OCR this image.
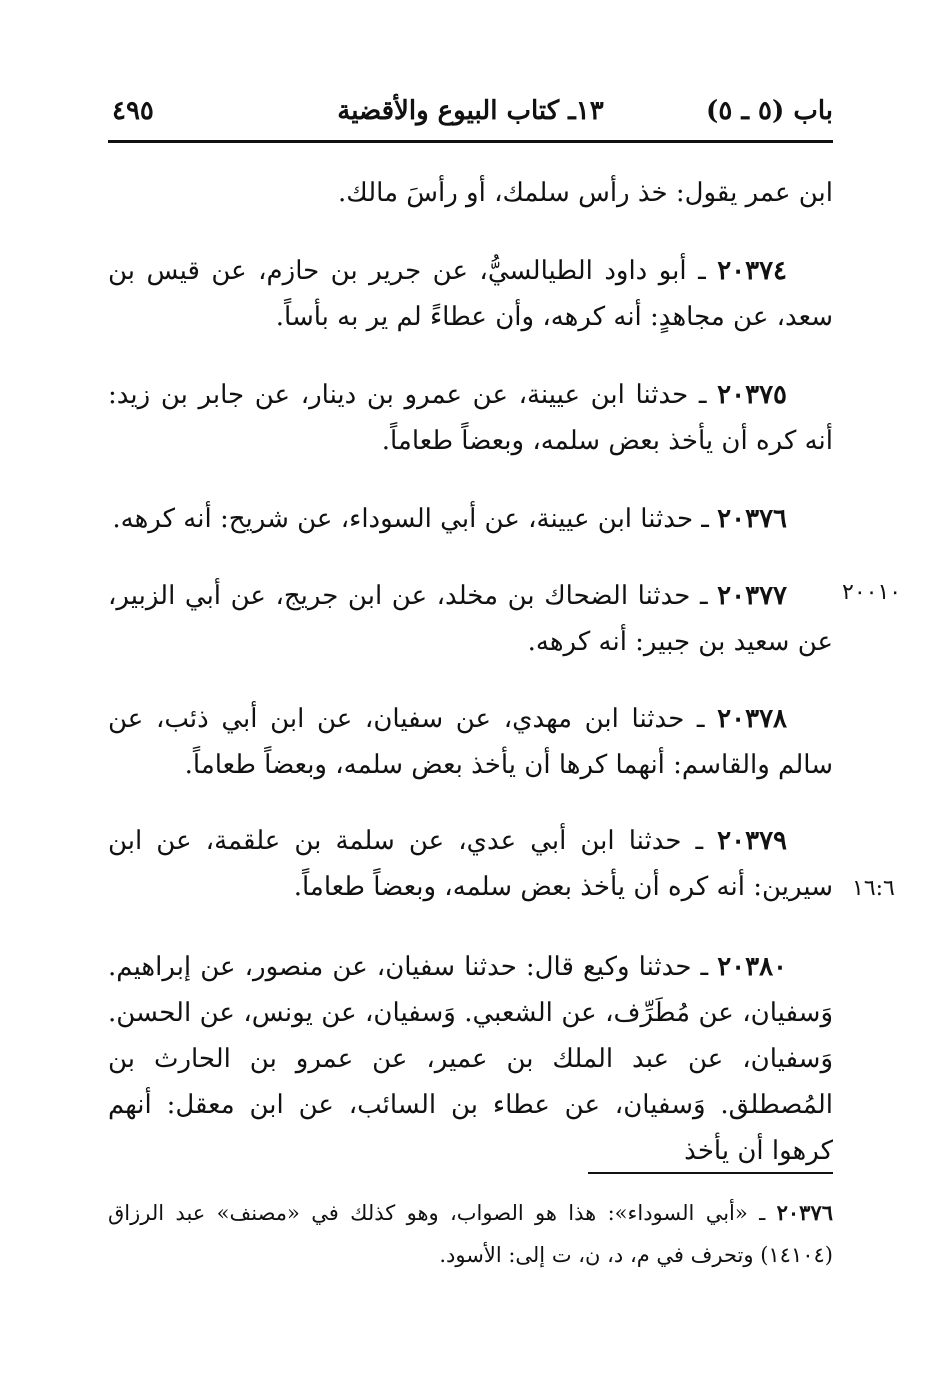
٤٩٥	١٣ـ كتاب البيوع والأقضية	باب (٥ ـ ٥)
ابن عمر يقول: خذ رأس سلمك، أو رأسَ مالك.
٢٠٣٧٤ ـ أبو داود الطيالسيُّ، عن جرير بن حازم، عن قيس بن سعد، عن مجاهدٍ: أنه كرهه، وأن عطاءً لم ير به بأساً.
٢٠٣٧٥ ـ حدثنا ابن عيينة، عن عمرو بن دينار، عن جابر بن زيد: أنه كره أن يأخذ بعض سلمه، وبعضاً طعاماً.
٢٠٣٧٦ ـ حدثنا ابن عيينة، عن أبي السوداء، عن شريح: أنه كرهه.
٢٠٣٧٧ ـ حدثنا الضحاك بن مخلد، عن ابن جريج، عن أبي الزبير، عن سعيد بن جبير: أنه كرهه.
٢٠٣٧٨ ـ حدثنا ابن مهدي، عن سفيان، عن ابن أبي ذئب، عن سالم والقاسم: أنهما كرها أن يأخذ بعض سلمه، وبعضاً طعاماً.
٢٠٣٧٩ ـ حدثنا ابن أبي عدي، عن سلمة بن علقمة، عن ابن سيرين: أنه كره أن يأخذ بعض سلمه، وبعضاً طعاماً.
٢٠٣٨٠ ـ حدثنا وكيع قال: حدثنا سفيان، عن منصور، عن إبراهيم. وَسفيان، عن مُطَرِّف، عن الشعبي. وَسفيان، عن يونس، عن الحسن. وَسفيان، عن عبد الملك بن عمير، عن عمرو بن الحارث بن المُصطلق. وَسفيان، عن عطاء بن السائب، عن ابن معقل: أنهم كرهوا أن يأخذ
٢٠٠١٠
١٦:٦
٢٠٣٧٦ ـ «أبي السوداء»: هذا هو الصواب، وهو كذلك في «مصنف» عبد الرزاق (١٤١٠٤) وتحرف في م، د، ن، ت إلى: الأسود.
